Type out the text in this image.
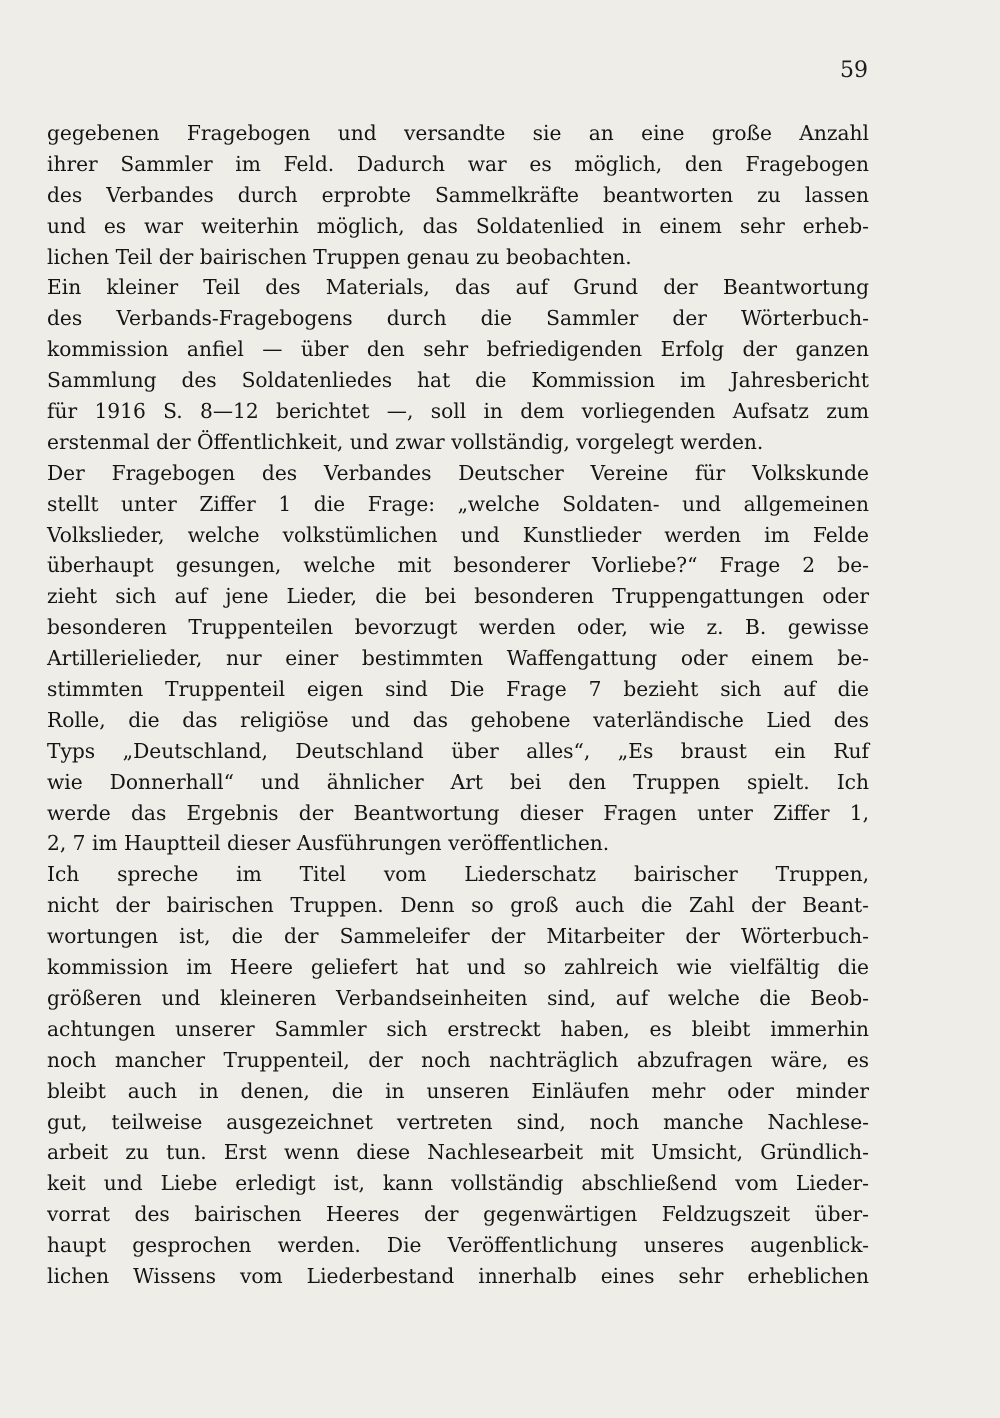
59
gegebenen Fragebogen und versandte sie an eine große Anzahl
ihrer Sammler im Feld. Dadurch war es möglich, den Fragebogen
des Verbandes durch erprobte Sammelkräfte beantworten zu lassen
und es war weiterhin möglich, das Soldatenlied in einem sehr erheb-
lichen Teil der bairischen Truppen genau zu beobachten.
Ein kleiner Teil des Materials, das auf Grund der Beantwortung
des Verbands-Fragebogens durch die Sammler der Wörterbuch-
kommission anfiel — über den sehr befriedigenden Erfolg der ganzen
Sammlung des Soldatenliedes hat die Kommission im Jahresbericht
für 1916 S. 8—12 berichtet —, soll in dem vorliegenden Aufsatz zum
erstenmal der Öffentlichkeit, und zwar vollständig, vorgelegt werden.
Der Fragebogen des Verbandes Deutscher Vereine für Volkskunde
stellt unter Ziffer 1 die Frage: „welche Soldaten- und allgemeinen
Volkslieder, welche volkstümlichen und Kunstlieder werden im Felde
überhaupt gesungen, welche mit besonderer Vorliebe?“ Frage 2 be-
zieht sich auf jene Lieder, die bei besonderen Truppengattungen oder
besonderen Truppenteilen bevorzugt werden oder, wie z. B. gewisse
Artillerielieder, nur einer bestimmten Waffengattung oder einem be-
stimmten Truppenteil eigen sind Die Frage 7 bezieht sich auf die
Rolle, die das religiöse und das gehobene vaterländische Lied des
Typs „Deutschland, Deutschland über alles“, „Es braust ein Ruf
wie Donnerhall“ und ähnlicher Art bei den Truppen spielt. Ich
werde das Ergebnis der Beantwortung dieser Fragen unter Ziffer 1,
2, 7 im Hauptteil dieser Ausführungen veröffentlichen.
Ich spreche im Titel vom Liederschatz bairischer Truppen,
nicht der bairischen Truppen. Denn so groß auch die Zahl der Beant-
wortungen ist, die der Sammeleifer der Mitarbeiter der Wörterbuch-
kommission im Heere geliefert hat und so zahlreich wie vielfältig die
größeren und kleineren Verbandseinheiten sind, auf welche die Beob-
achtungen unserer Sammler sich erstreckt haben, es bleibt immerhin
noch mancher Truppenteil, der noch nachträglich abzufragen wäre, es
bleibt auch in denen, die in unseren Einläufen mehr oder minder
gut, teilweise ausgezeichnet vertreten sind, noch manche Nachlese-
arbeit zu tun. Erst wenn diese Nachlesearbeit mit Umsicht, Gründlich-
keit und Liebe erledigt ist, kann vollständig abschließend vom Lieder-
vorrat des bairischen Heeres der gegenwärtigen Feldzugszeit über-
haupt gesprochen werden. Die Veröffentlichung unseres augenblick-
lichen Wissens vom Liederbestand innerhalb eines sehr erheblichen
